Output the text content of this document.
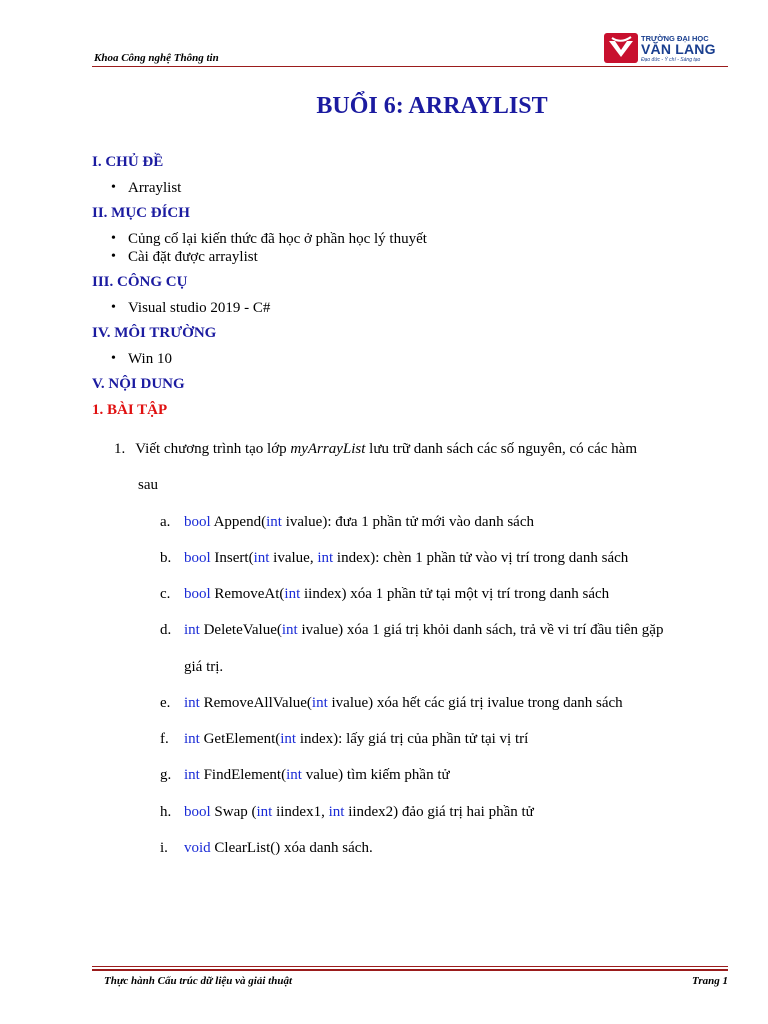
Khoa Công nghệ Thông tin
TRƯỜNG ĐẠI HỌC
VĂN LANG
Đạo đức - Ý chí - Sáng tạo
BUỔI 6: ARRAYLIST
I. CHỦ ĐỀ
• Arraylist
II. MỤC ĐÍCH
• Củng cố lại kiến thức đã học ở phần học lý thuyết
• Cài đặt được arraylist
III. CÔNG CỤ
• Visual studio 2019 - C#
IV. MÔI TRƯỜNG
• Win 10
V. NỘI DUNG
1. BÀI TẬP
1. Viết chương trình tạo lớp myArrayList lưu trữ danh sách các số nguyên, có các hàm
sau
a. bool Append(int ivalue): đưa 1 phần tử mới vào danh sách
b. bool Insert(int ivalue, int index): chèn 1 phần tử vào vị trí trong danh sách
c. bool RemoveAt(int iindex) xóa 1 phần tử tại một vị trí trong danh sách
d. int DeleteValue(int ivalue) xóa 1 giá trị khỏi danh sách, trả về vi trí đầu tiên gặp
giá trị.
e. int RemoveAllValue(int ivalue) xóa hết các giá trị ivalue trong danh sách
f. int GetElement(int index): lấy giá trị của phần tử tại vị trí
g. int FindElement(int value) tìm kiếm phần tử
h. bool Swap (int iindex1, int iindex2) đảo giá trị hai phần tử
i. void ClearList() xóa danh sách.
Thực hành Cấu trúc dữ liệu và giải thuật	Trang 1
